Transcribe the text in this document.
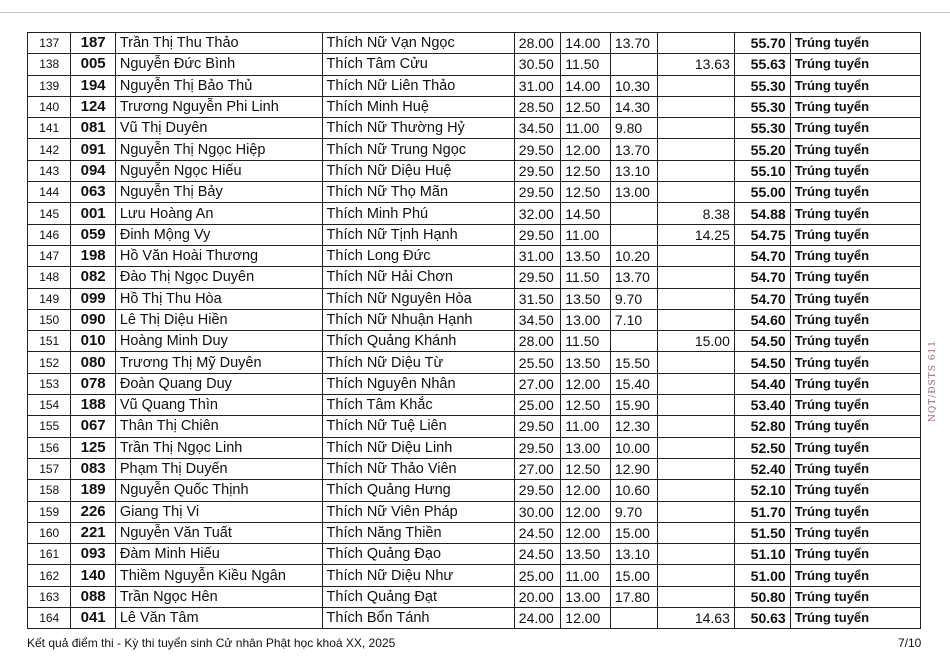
137	187	Trần Thị Thu Thảo	Thích Nữ Vạn Ngọc	28.00	14.00	13.70		55.70	Trúng tuyển
138	005	Nguyễn Đức Bình	Thích Tâm Cửu	30.50	11.50		13.63	55.63	Trúng tuyển
139	194	Nguyễn Thị Bảo Thủ	Thích Nữ Liên Thảo	31.00	14.00	10.30		55.30	Trúng tuyển
140	124	Trương Nguyễn Phi Linh	Thích Minh Huệ	28.50	12.50	14.30		55.30	Trúng tuyển
141	081	Vũ Thị Duyên	Thích Nữ Thường Hỷ	34.50	11.00	9.80		55.30	Trúng tuyển
142	091	Nguyễn Thị Ngọc Hiệp	Thích Nữ Trung Ngọc	29.50	12.00	13.70		55.20	Trúng tuyển
143	094	Nguyễn Ngọc Hiếu	Thích Nữ Diệu Huệ	29.50	12.50	13.10		55.10	Trúng tuyển
144	063	Nguyễn Thị Bảy	Thích Nữ Thọ Mãn	29.50	12.50	13.00		55.00	Trúng tuyển
145	001	Lưu Hoàng An	Thích Minh Phú	32.00	14.50		8.38	54.88	Trúng tuyển
146	059	Đinh Mộng Vy	Thích Nữ Tịnh Hạnh	29.50	11.00		14.25	54.75	Trúng tuyển
147	198	Hồ Văn Hoài Thương	Thích Long Đức	31.00	13.50	10.20		54.70	Trúng tuyển
148	082	Đào Thị Ngọc Duyên	Thích Nữ Hải Chơn	29.50	11.50	13.70		54.70	Trúng tuyển
149	099	Hồ Thị Thu Hòa	Thích Nữ Nguyên Hòa	31.50	13.50	9.70		54.70	Trúng tuyển
150	090	Lê Thị Diệu Hiền	Thích Nữ Nhuận Hạnh	34.50	13.00	7.10		54.60	Trúng tuyển
151	010	Hoàng Minh Duy	Thích Quảng Khánh	28.00	11.50		15.00	54.50	Trúng tuyển
152	080	Trương Thị Mỹ Duyên	Thích Nữ Diệu Từ	25.50	13.50	15.50		54.50	Trúng tuyển
153	078	Đoàn Quang Duy	Thích Nguyên Nhân	27.00	12.00	15.40		54.40	Trúng tuyển
154	188	Vũ Quang Thìn	Thích Tâm Khắc	25.00	12.50	15.90		53.40	Trúng tuyển
155	067	Thân Thị Chiên	Thích Nữ Tuệ Liên	29.50	11.00	12.30		52.80	Trúng tuyển
156	125	Trần Thị Ngọc Linh	Thích Nữ Diệu Linh	29.50	13.00	10.00		52.50	Trúng tuyển
157	083	Phạm Thị Duyến	Thích Nữ Thảo Viên	27.00	12.50	12.90		52.40	Trúng tuyển
158	189	Nguyễn Quốc Thịnh	Thích Quảng Hưng	29.50	12.00	10.60		52.10	Trúng tuyển
159	226	Giang Thị Vi	Thích Nữ Viên Pháp	30.00	12.00	9.70		51.70	Trúng tuyển
160	221	Nguyễn Văn Tuất	Thích Năng Thiền	24.50	12.00	15.00		51.50	Trúng tuyển
161	093	Đàm Minh Hiếu	Thích Quảng Đạo	24.50	13.50	13.10		51.10	Trúng tuyển
162	140	Thiềm Nguyễn Kiều Ngân	Thích Nữ Diệu Như	25.00	11.00	15.00		51.00	Trúng tuyển
163	088	Trần Ngọc Hên	Thích Quảng Đạt	20.00	13.00	17.80		50.80	Trúng tuyển
164	041	Lê Văn Tâm	Thích Bổn Tánh	24.00	12.00		14.63	50.63	Trúng tuyển
NQT/ĐSTS 611
Kết quả điểm thi - Kỳ thi tuyển sinh Cử nhân Phật học khoá XX, 2025	7/10
